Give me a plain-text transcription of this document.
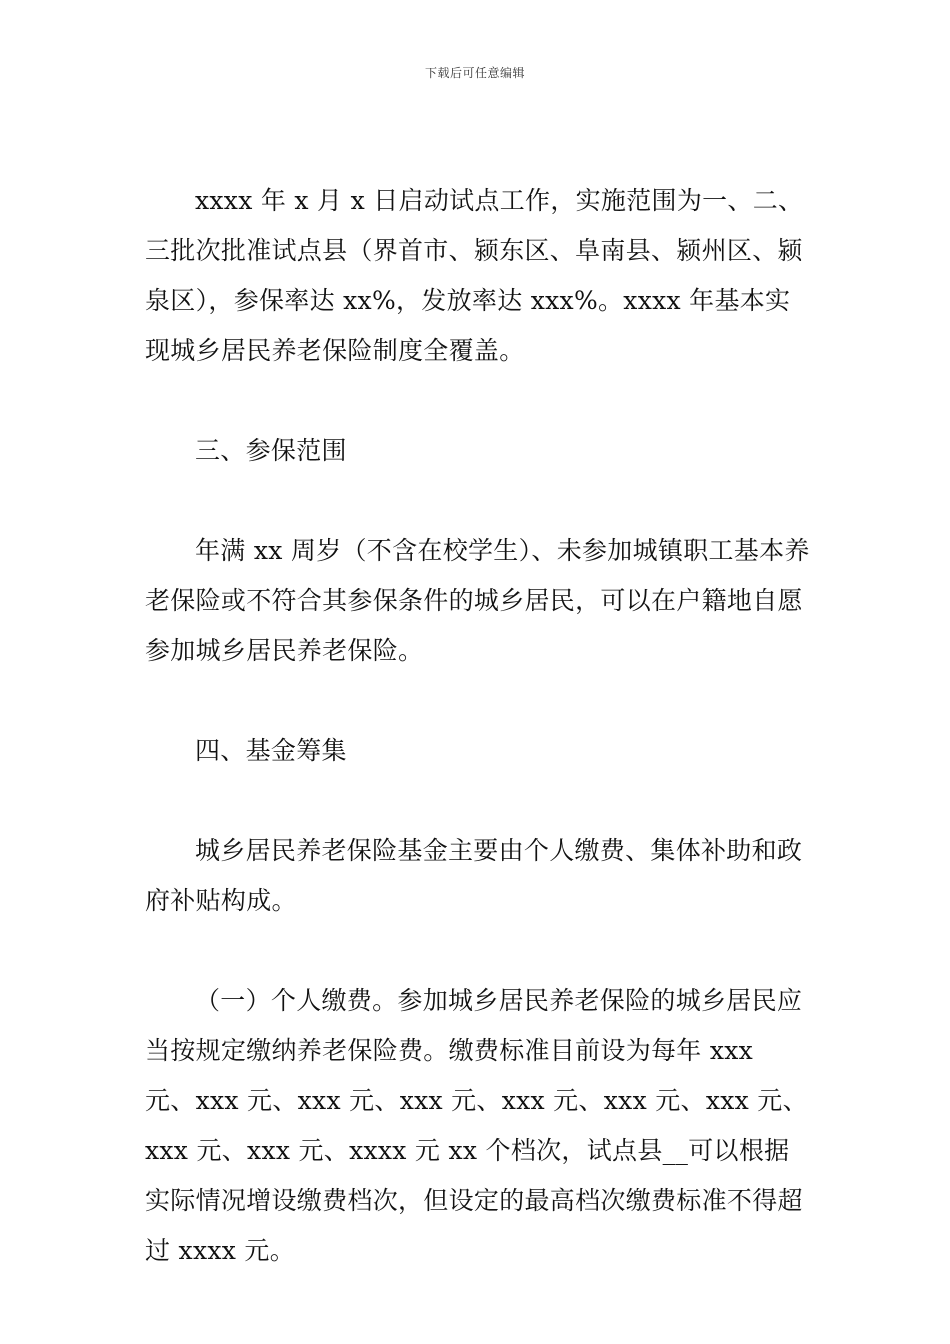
下载后可任意编辑

xxxx 年 x 月 x 日启动试点工作，实施范围为一、二、三批次批准试点县（界首市、颍东区、阜南县、颍州区、颍泉区），参保率达 xx%，发放率达 xxx%。xxxx 年基本实现城乡居民养老保险制度全覆盖。

三、参保范围

年满 xx 周岁（不含在校学生）、未参加城镇职工基本养老保险或不符合其参保条件的城乡居民，可以在户籍地自愿参加城乡居民养老保险。

四、基金筹集

城乡居民养老保险基金主要由个人缴费、集体补助和政府补贴构成。

（一）个人缴费。参加城乡居民养老保险的城乡居民应当按规定缴纳养老保险费。缴费标准目前设为每年 xxx 元、xxx 元、xxx 元、xxx 元、xxx 元、xxx 元、xxx 元、xxx 元、xxx 元、xxxx 元 xx 个档次，试点县__可以根据实际情况增设缴费档次，但设定的最高档次缴费标准不得超过 xxxx 元。
